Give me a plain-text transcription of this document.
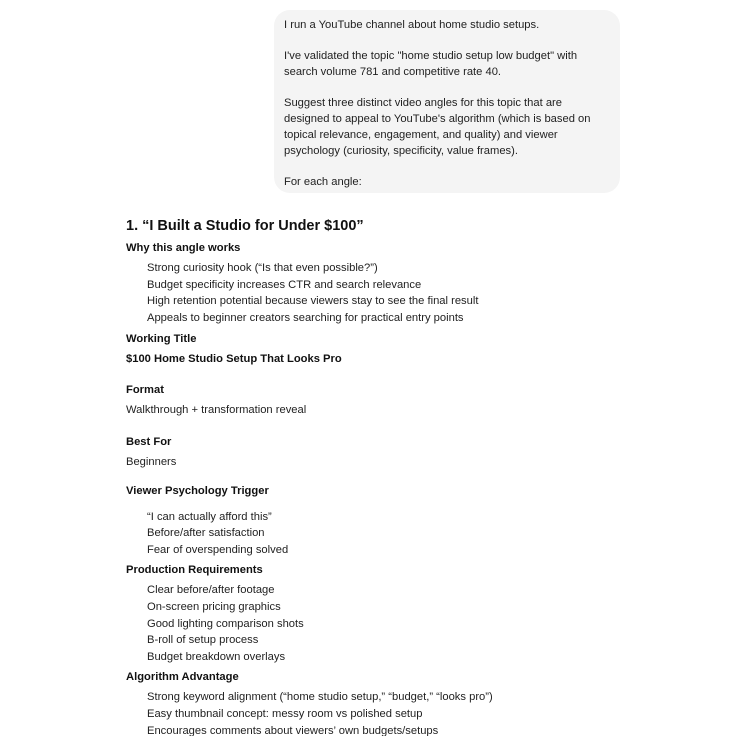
I run a YouTube channel about home studio setups.

I've validated the topic "home studio setup low budget" with search volume 781 and competitive rate 40.

Suggest three distinct video angles for this topic that are designed to appeal to YouTube's algorithm (which is based on topical relevance, engagement, and quality) and viewer psychology (curiosity, specificity, value frames).

For each angle:

1. “I Built a Studio for Under $100”
Why this angle works
Strong curiosity hook (“Is that even possible?”)
Budget specificity increases CTR and search relevance
High retention potential because viewers stay to see the final result
Appeals to beginner creators searching for practical entry points
Working Title
$100 Home Studio Setup That Looks Pro
Format
Walkthrough + transformation reveal
Best For
Beginners
Viewer Psychology Trigger
“I can actually afford this”
Before/after satisfaction
Fear of overspending solved
Production Requirements
Clear before/after footage
On-screen pricing graphics
Good lighting comparison shots
B-roll of setup process
Budget breakdown overlays
Algorithm Advantage
Strong keyword alignment (“home studio setup,” “budget,” “looks pro”)
Easy thumbnail concept: messy room vs polished setup
Encourages comments about viewers’ own budgets/setups
